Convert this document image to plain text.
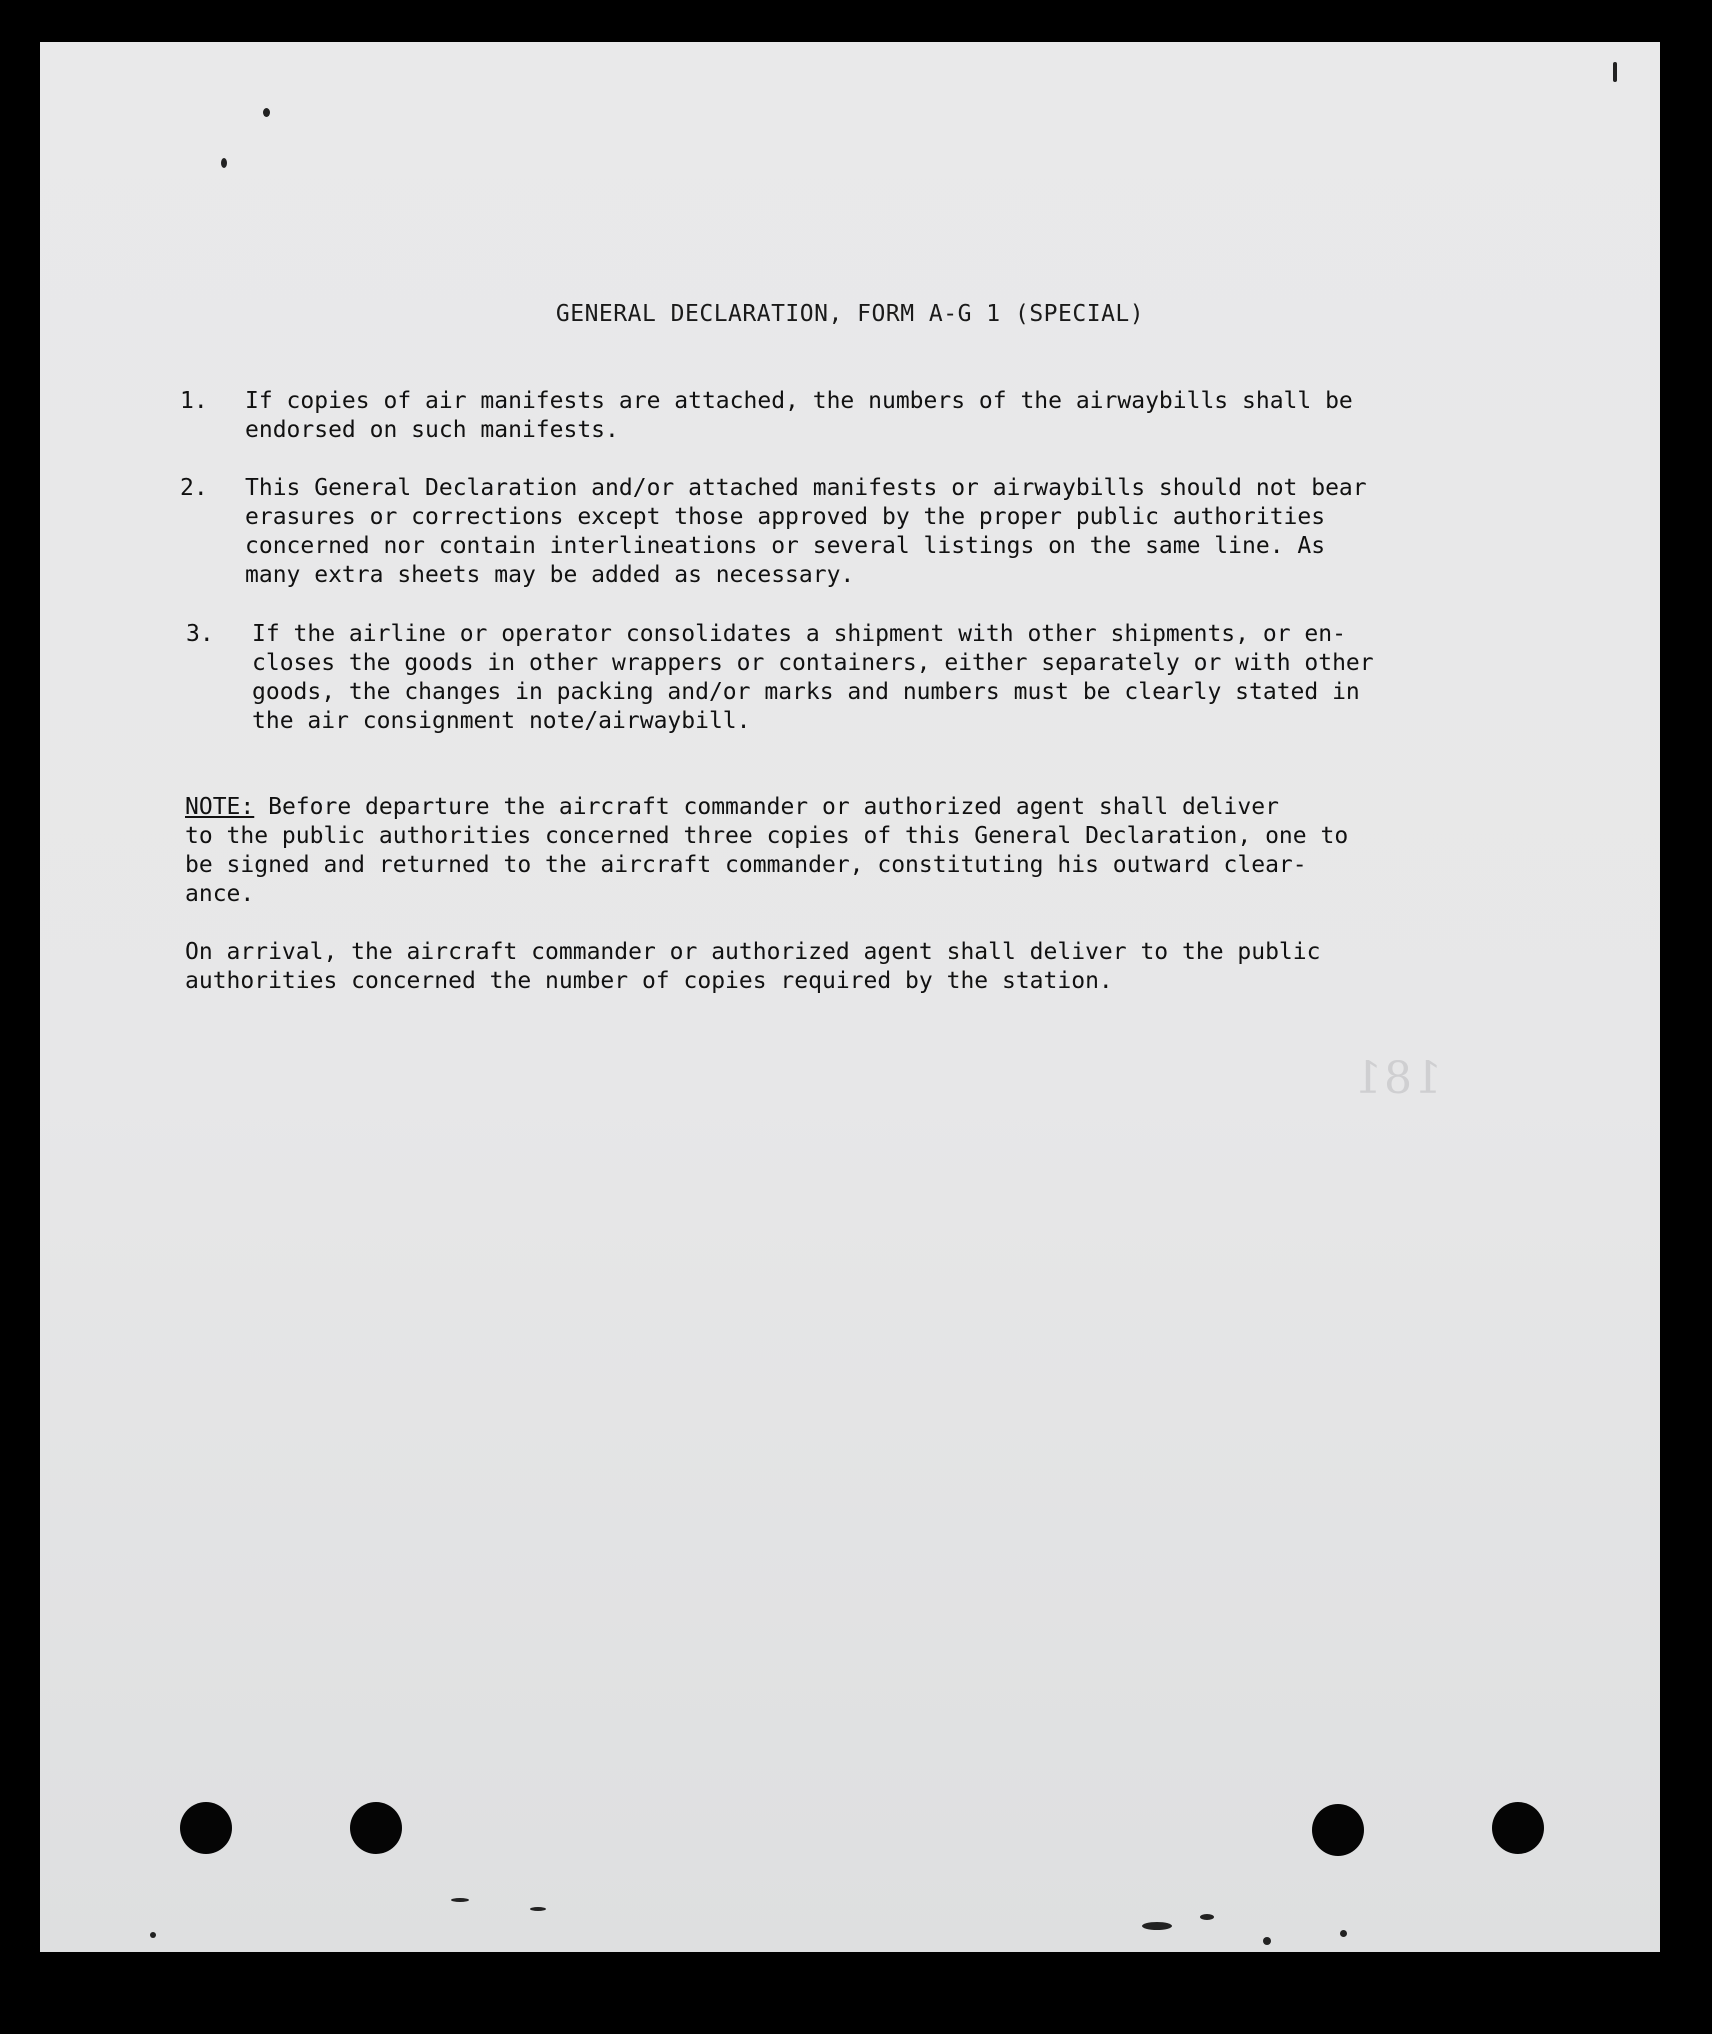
GENERAL DECLARATION, FORM A-G 1 (SPECIAL)
1.	If copies of air manifests are attached, the numbers of the airwaybills shall be
endorsed on such manifests.
2.	This General Declaration and/or attached manifests or airwaybills should not bear
erasures or corrections except those approved by the proper public authorities
concerned nor contain interlineations or several listings on the same line. As
many extra sheets may be added as necessary.
3.	If the airline or operator consolidates a shipment with other shipments, or en-
closes the goods in other wrappers or containers, either separately or with other
goods, the changes in packing and/or marks and numbers must be clearly stated in
the air consignment note/airwaybill.
NOTE: Before departure the aircraft commander or authorized agent shall deliver
to the public authorities concerned three copies of this General Declaration, one to
be signed and returned to the aircraft commander, constituting his outward clear-
ance.
On arrival, the aircraft commander or authorized agent shall deliver to the public
authorities concerned the number of copies required by the station.
181
